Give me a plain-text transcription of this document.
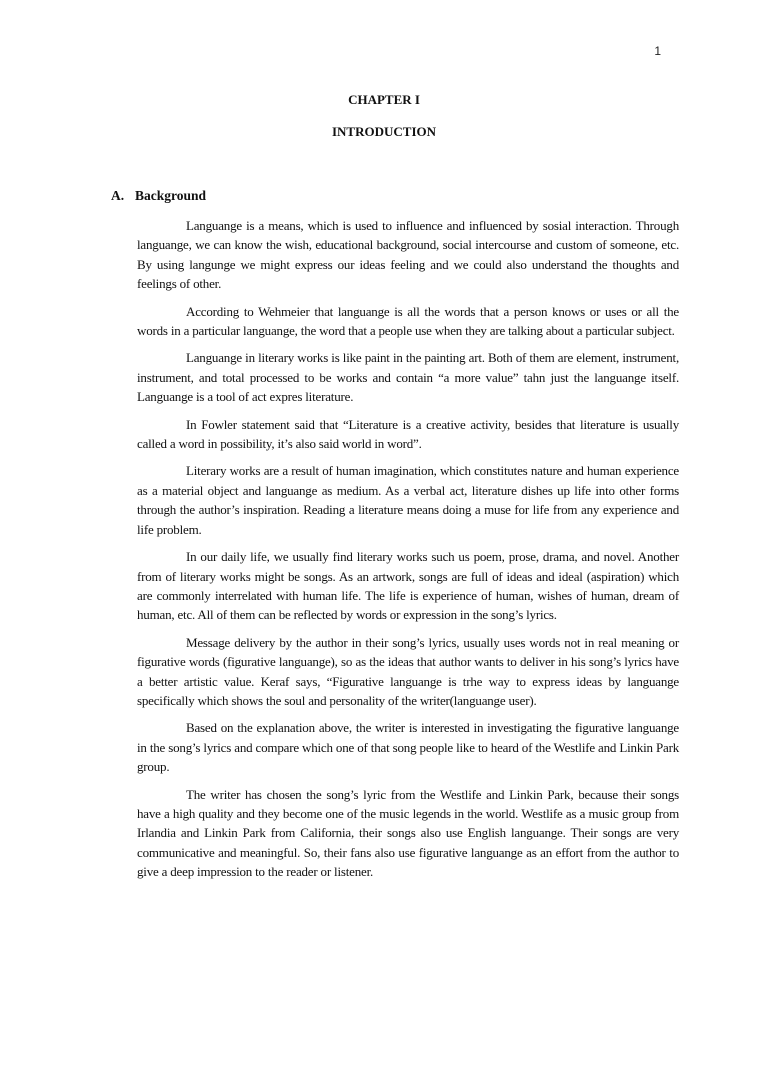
1
CHAPTER I
INTRODUCTION
A. Background

Languange is a means, which is used to influence and influenced by sosial interaction. Through languange, we can know the wish, educational background, social intercourse and custom of someone, etc. By using langunge we might express our ideas feeling and we could also understand the thoughts and feelings of other.

According to Wehmeier that languange is all the words that a person knows or uses or all the words in a particular languange, the word that a people use when they are talking about a particular subject.

Languange in literary works is like paint in the painting art. Both of them are element, instrument, instrument, and total processed to be works and contain “a more value” tahn just the languange itself. Languange is a tool of act expres literature.

In Fowler statement said that “Literature is a creative activity, besides that literature is usually called a word in possibility, it’s also said world in word”.

Literary works are a result of human imagination, which constitutes nature and human experience as a material object and languange as medium. As a verbal act, literature dishes up life into other forms through the author’s inspiration. Reading a literature means doing a muse for life from any experience and life problem.

In our daily life, we usually find literary works such us poem, prose, drama, and novel. Another from of literary works might be songs. As an artwork, songs are full of ideas and ideal (aspiration) which are commonly interrelated with human life. The life is experience of human, wishes of human, dream of human, etc. All of them can be reflected by words or expression in the song’s lyrics.

Message delivery by the author in their song’s lyrics, usually uses words not in real meaning or figurative words (figurative languange), so as the ideas that author wants to deliver in his song’s lyrics have a better artistic value. Keraf says, “Figurative languange is trhe way to express ideas by languange specifically which shows the soul and personality of the writer(languange user).

Based on the explanation above, the writer is interested in investigating the figurative languange in the song’s lyrics and compare which one of that song people like to heard of the Westlife and Linkin Park group.

The writer has chosen the song’s lyric from the Westlife and Linkin Park, because their songs have a high quality and they become one of the music legends in the world. Westlife as a music group from Irlandia and Linkin Park from California, their songs also use English languange. Their songs are very communicative and meaningful. So, their fans also use figurative languange as an effort from the author to give a deep impression to the reader or listener.
